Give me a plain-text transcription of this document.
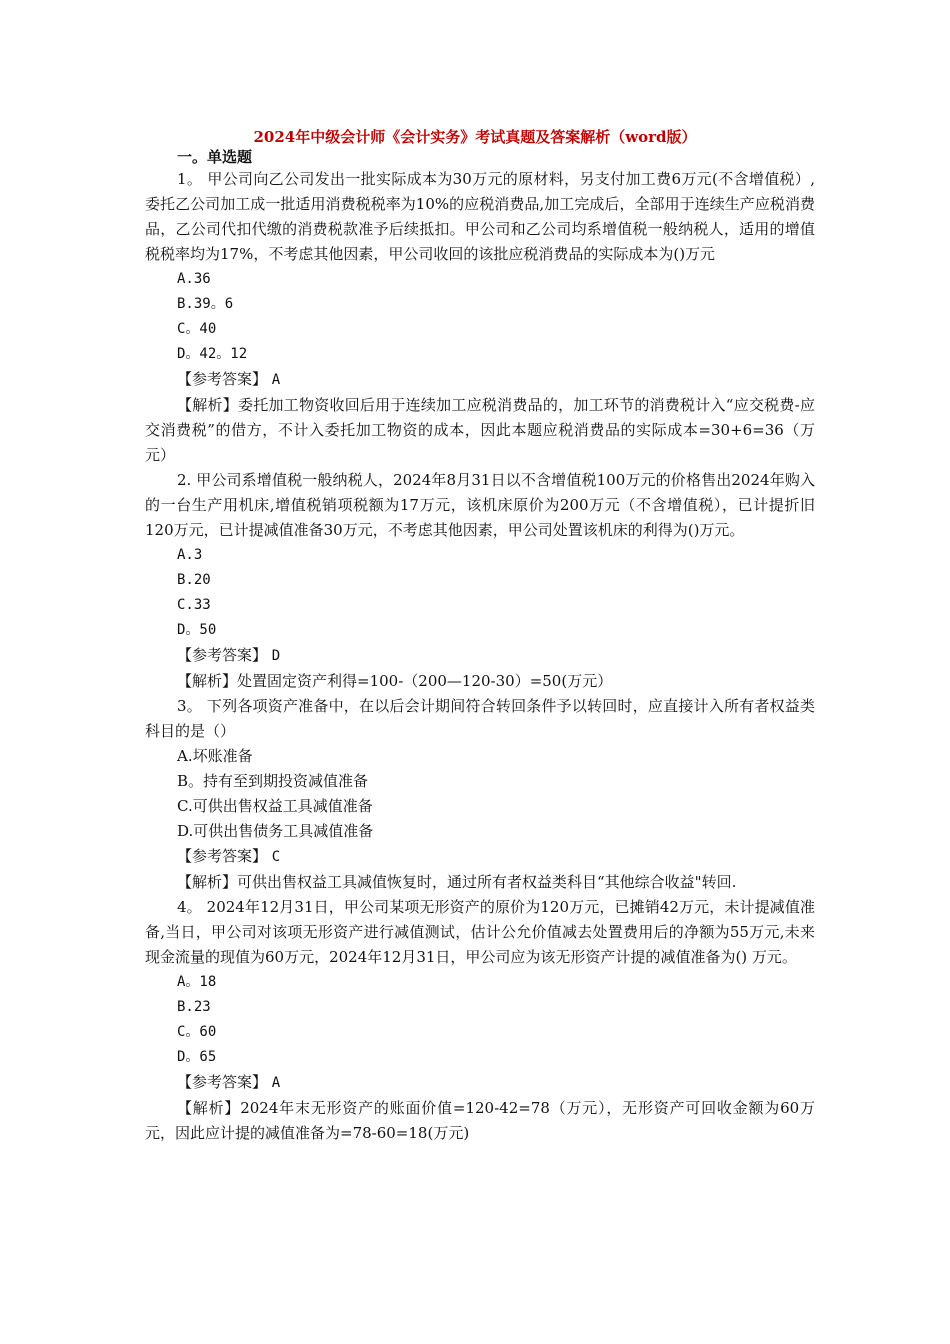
2024年中级会计师《会计实务》考试真题及答案解析（word版）
一。单选题

1。 甲公司向乙公司发出一批实际成本为30万元的原材料，另支付加工费6万元(不含增值税）,委托乙公司加工成一批适用消费税税率为10%的应税消费品,加工完成后，全部用于连续生产应税消费品，乙公司代扣代缴的消费税款准予后续抵扣。甲公司和乙公司均系增值税一般纳税人，适用的增值税税率均为17%，不考虑其他因素，甲公司收回的该批应税消费品的实际成本为()万元

A.36
B.39。6
C。40
D。42。12
【参考答案】 A

【解析】委托加工物资收回后用于连续加工应税消费品的，加工环节的消费税计入“应交税费-应交消费税”的借方，不计入委托加工物资的成本，因此本题应税消费品的实际成本=30+6=36（万元）

2. 甲公司系增值税一般纳税人，2024年8月31日以不含增值税100万元的价格售出2024年购入的一台生产用机床,增值税销项税额为17万元，该机床原价为200万元（不含增值税），已计提折旧120万元，已计提减值准备30万元，不考虑其他因素，甲公司处置该机床的利得为()万元。

A.3
B.20
C.33
D。50
【参考答案】 D

【解析】处置固定资产利得=100-（200—120-30）=50(万元）

3。 下列各项资产准备中，在以后会计期间符合转回条件予以转回时，应直接计入所有者权益类科目的是（）

A.坏账准备
B。持有至到期投资减值准备
C.可供出售权益工具减值准备
D.可供出售债务工具减值准备
【参考答案】 C

【解析】可供出售权益工具减值恢复时，通过所有者权益类科目“其他综合收益"转回.

4。 2024年12月31日，甲公司某项无形资产的原价为120万元，已摊销42万元，未计提减值准备,当日，甲公司对该项无形资产进行减值测试，估计公允价值减去处置费用后的净额为55万元,未来现金流量的现值为60万元，2024年12月31日，甲公司应为该无形资产计提的减值准备为() 万元。

A。18
B.23
C。60
D。65
【参考答案】 A

【解析】2024年末无形资产的账面价值=120-42=78（万元），无形资产可回收金额为60万元，因此应计提的减值准备为=78-60=18(万元)
